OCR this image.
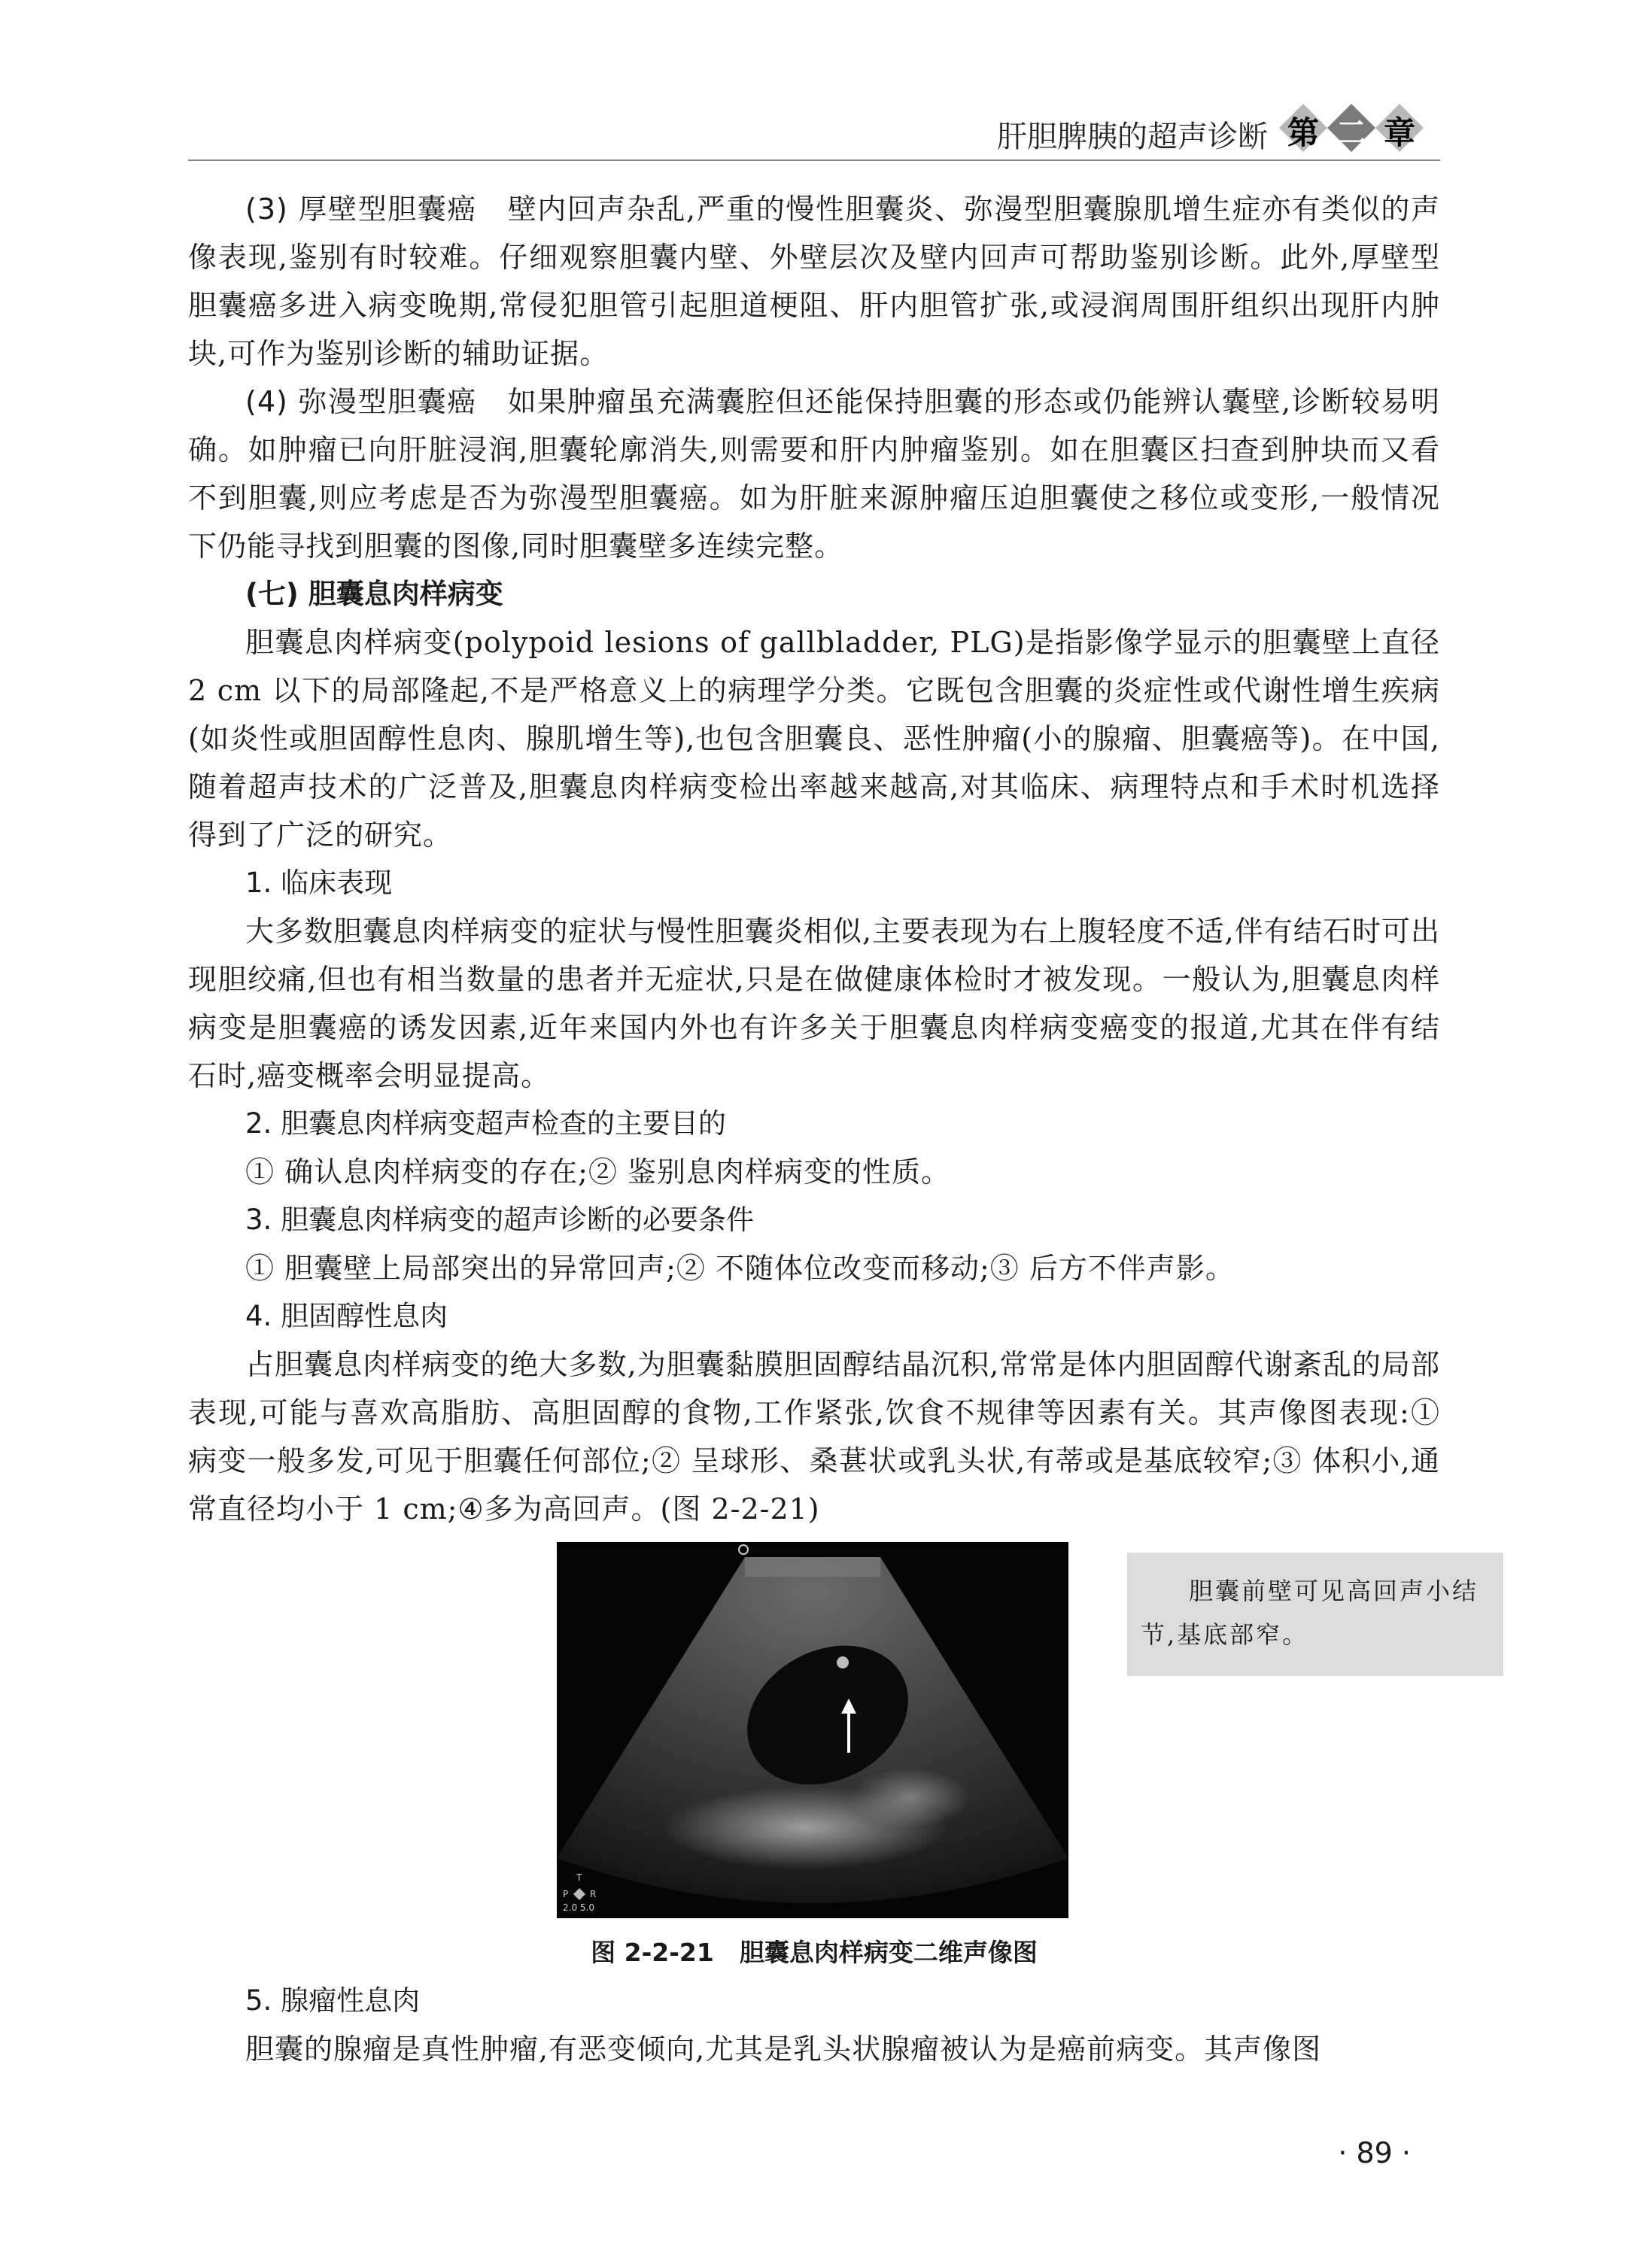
肝胆脾胰的超声诊断 第 二 章

(3) 厚壁型胆囊癌 壁内回声杂乱,严重的慢性胆囊炎、弥漫型胆囊腺肌增生症亦有类似的声像表现,鉴别有时较难。仔细观察胆囊内壁、外壁层次及壁内回声可帮助鉴别诊断。此外,厚壁型胆囊癌多进入病变晚期,常侵犯胆管引起胆道梗阻、肝内胆管扩张,或浸润周围肝组织出现肝内肿块,可作为鉴别诊断的辅助证据。

(4) 弥漫型胆囊癌 如果肿瘤虽充满囊腔但还能保持胆囊的形态或仍能辨认囊壁,诊断较易明确。如肿瘤已向肝脏浸润,胆囊轮廓消失,则需要和肝内肿瘤鉴别。如在胆囊区扫查到肿块而又看不到胆囊,则应考虑是否为弥漫型胆囊癌。如为肝脏来源肿瘤压迫胆囊使之移位或变形,一般情况下仍能寻找到胆囊的图像,同时胆囊壁多连续完整。

(七) 胆囊息肉样病变

胆囊息肉样病变(polypoid lesions of gallbladder, PLG)是指影像学显示的胆囊壁上直径 2 cm 以下的局部隆起,不是严格意义上的病理学分类。它既包含胆囊的炎症性或代谢性增生疾病(如炎性或胆固醇性息肉、腺肌增生等),也包含胆囊良、恶性肿瘤(小的腺瘤、胆囊癌等)。在中国,随着超声技术的广泛普及,胆囊息肉样病变检出率越来越高,对其临床、病理特点和手术时机选择得到了广泛的研究。

1. 临床表现

大多数胆囊息肉样病变的症状与慢性胆囊炎相似,主要表现为右上腹轻度不适,伴有结石时可出现胆绞痛,但也有相当数量的患者并无症状,只是在做健康体检时才被发现。一般认为,胆囊息肉样病变是胆囊癌的诱发因素,近年来国内外也有许多关于胆囊息肉样病变癌变的报道,尤其在伴有结石时,癌变概率会明显提高。

2. 胆囊息肉样病变超声检查的主要目的

① 确认息肉样病变的存在;② 鉴别息肉样病变的性质。

3. 胆囊息肉样病变的超声诊断的必要条件

① 胆囊壁上局部突出的异常回声;② 不随体位改变而移动;③ 后方不伴声影。

4. 胆固醇性息肉

占胆囊息肉样病变的绝大多数,为胆囊黏膜胆固醇结晶沉积,常常是体内胆固醇代谢紊乱的局部表现,可能与喜欢高脂肪、高胆固醇的食物,工作紧张,饮食不规律等因素有关。其声像图表现:① 病变一般多发,可见于胆囊任何部位;② 呈球形、桑葚状或乳头状,有蒂或是基底较窄;③ 体积小,通常直径均小于 1 cm;④多为高回声。(图 2-2-21)

T
P R
2.0 5.0
胆囊前壁可见高回声小结节,基底部窄。
图 2-2-21 胆囊息肉样病变二维声像图

5. 腺瘤性息肉

胆囊的腺瘤是真性肿瘤,有恶变倾向,尤其是乳头状腺瘤被认为是癌前病变。其声像图

· 89 ·
